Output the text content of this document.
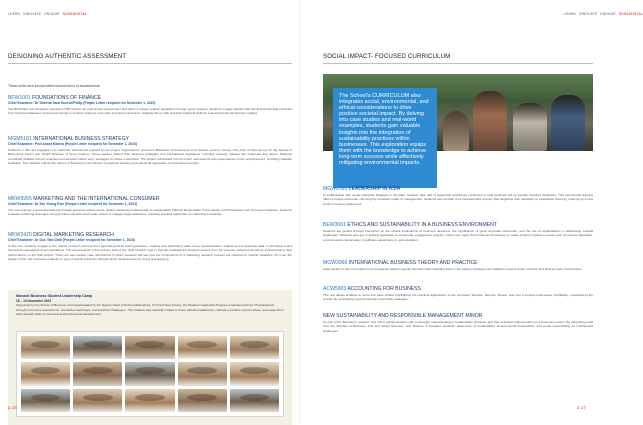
LEARN INNOVATE ENGAGE SUSSDIGITAL
DESIGNING AUTHENTIC ASSESSMENT
These units have incorporated various forms of assessments:
BFW1001 FOUNDATIONS OF FINANCE
Chief Examiner: Dr Sheena Sara Suresh/Philip (Purple Letter recipient for Semester 1, 2023)
The BFW1001 unit integrates interactive H5P quizzes for post-lecture assessment and offers a unique realistic application through group projects. Students engage directly with actual financial data extracted from financial databases and annual reports to conduct analyses and make investment decisions, bridging theory with practical analytical skills for real-world financial decision-making.
MGM5181 INTERNATIONAL BUSINESS STRATEGY
Chief Examiner: Prof Anant Mishra (Purple Letter recipient for Semester 1, 2023)
Students in this unit engaged in an authentic assessment inspired group project, supported by prominent Malaysian entrepreneurs from diverse sectors, namely Gary Kan of Hwa Group, Dr Jay Dessai of BoomGrow Farms and Hanith Ridzuan of Green Factory. These leaders shared their business strategies and international aspirations, including entering markets like Indonesia and Japan. Students conducted detailed country analyses and devised market entry strategies for these enterprises. The project culminated in both expert submissions and presentations to the entrepreneurs, providing valuable feedback. This initiative reflects the School of Business's commitment to practical learning and real-world application of theoretical concepts.
MKW5955 MARKETING AND THE INTERNATIONAL CONSUMER
Chief Examiner: Dr Sze Yeong Ewe (Purple Letter recipient for Semester 1, 2023)
The unit employs experiential learning through authentic assessments, linking marketing fundamentals to sustainability (SDG12 Responsible Consumption and Production) and consumer behaviour. Students evaluate marketing strategies using genuine examples and create videos to engage target audiences, fostering practical application of marketing knowledge.
MKW2420 DIGITAL MARKETING RESEARCH
Chief Examiner: Dr Duc Tam Dinh (Purple Letter recipient for Semester 1, 2023)
In this unit, students engage in the market research process from generating ideas and hypotheses, creating and distributing valid survey questionnaires, collecting and analysing data, to providing sound theoretical managerial recommendations. The assessments in this unit are pilot of the "field forward" type in that the feedback the students receive from the previous assignments will be instrumental in their performances in the final project. There are also weekly case discussions in which students will see how the components of a marketing research process are reflected in real-life situations. All in all, the design of this unit embraces a hands-on type of teaching delivery through which students learn by doing and applying.
Monash Business Student Leadership Camp
18 – 19 November 2023
Organised by the School of Business and spearheaded by the Deputy Head of School (Education), Prof Goh See Kwong, the Student Leadership Program empowered about 25 participants through immersive experiences, interactive workshops, and practical challenges. This initiative was carefully crafted to foster effective leadership, cultivate a positive school culture, and equip them with valuable skills for personal and professional development.
p.16
LEARN INNOVATE ENGAGE SUSSDIGITAL
SOCIAL IMPACT- FOCUSED CURRICULUM

The School's CURRICULUM also integrates social, environmental, and ethical considerations to drive positive societal impact. By delving into case studies and real-world examples, students gain valuable insights into the integration of sustainability practices within businesses. This exploration equips them with the knowledge to achieve long-term success while effectively mitigating environmental impacts.

MGW2991 LEADERSHIP IN ASIA
In collaboration with social enterprise Dialogue in the Dark, students take part in leadership workshops conducted in total darkness led by visually impaired facilitators. This experiential learning offers a unique encounter mirroring the uncertain reality of management. Students also embark on a transformative journey that heightens their sensitivity to empathetic listening, opening up a new world of sensory awareness.
BEW3001 ETHICS AND SUSTAINABILITY IN A BUSINESS ENVIRONMENT
Students are guided through instruction on the ethical implications of business decisions, the significance of good corporate citizenship, and the role of organisations in addressing societal challenges. Students also get to actively participate in community engagement projects, where they apply their business knowledge to create positive impacts in areas such as poverty alleviation, environmental conservation, healthcare advancement, and education.
MGW3966 INTERNATIONAL BUSINESS THEORY AND PRACTICE
Case studies in this unit explore how companies address gender diversity while shedding light on the various strategies and initiatives used to foster inclusive and diverse work environments.
ACW5903 ACCOUNTING FOR BUSINESS
This unit allows students to delve into case studies highlighting the practical applications of the principles "Reduce, Recycle, Reuse" and how it impacts businesses' profitability, emphasising the crucial role of adopting environmentally responsible strategies.
NEW SUSTAINABILITY AND RESPONSIBLE MANAGEMENT MINOR
As part of the Bachelor's program, this minor equips students with a thorough understanding of sustainability principles and their practical implementation in a business context. By integrating units from the faculties of Business, Arts and Social Sciences, and Science, it broadens students' awareness of sustainability, environmental stewardship, and social responsibility as multifaceted challenges.
p.17
